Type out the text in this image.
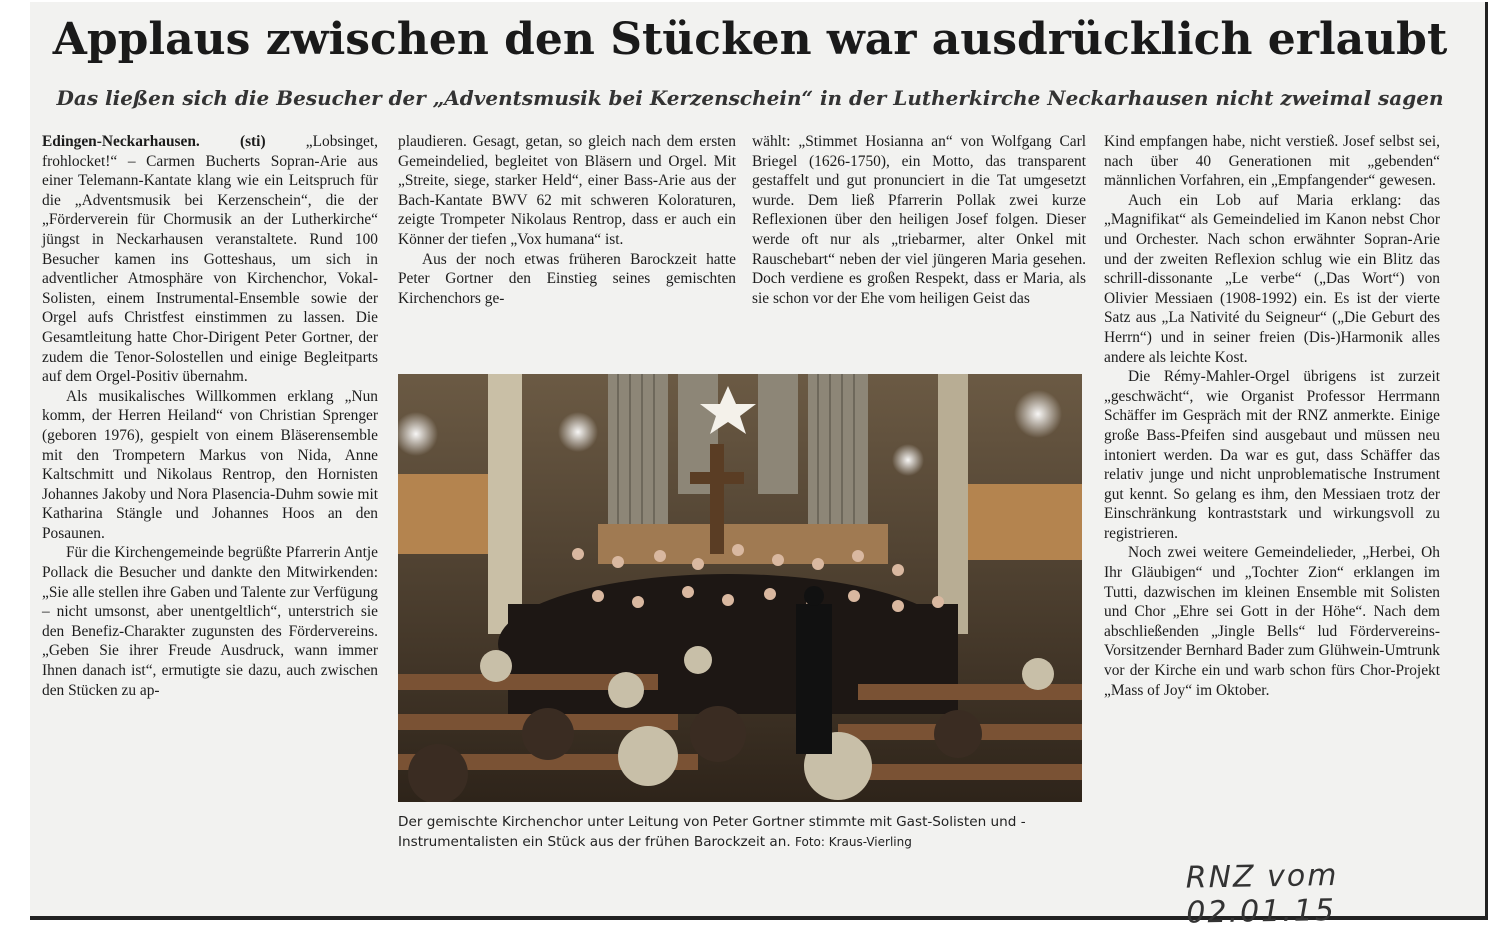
Applaus zwischen den Stücken war ausdrücklich erlaubt
Das ließen sich die Besucher der „Adventsmusik bei Kerzenschein“ in der Lutherkirche Neckarhausen nicht zweimal sagen

Edingen-Neckarhausen. (sti) „Lobsinget, frohlocket!“ – Carmen Bucherts Sopran-Arie aus einer Telemann-Kantate klang wie ein Leitspruch für die „Adventsmusik bei Kerzenschein“, die der „Förderverein für Chormusik an der Lutherkirche“ jüngst in Neckarhausen veranstaltete. Rund 100 Besucher kamen ins Gotteshaus, um sich in adventlicher Atmosphäre von Kirchenchor, Vokal-Solisten, einem Instrumental-Ensemble sowie der Orgel aufs Christfest einstimmen zu lassen. Die Gesamtleitung hatte Chor-Dirigent Peter Gortner, der zudem die Tenor-Solostellen und einige Begleitparts auf dem Orgel-Positiv übernahm.

Als musikalisches Willkommen erklang „Nun komm, der Herren Heiland“ von Christian Sprenger (geboren 1976), gespielt von einem Bläserensemble mit den Trompetern Markus von Nida, Anne Kaltschmitt und Nikolaus Rentrop, den Hornisten Johannes Jakoby und Nora Plasencia-Duhm sowie mit Katharina Stängle und Johannes Hoos an den Posaunen.

Für die Kirchengemeinde begrüßte Pfarrerin Antje Pollack die Besucher und dankte den Mitwirkenden: „Sie alle stellen ihre Gaben und Talente zur Verfügung – nicht umsonst, aber unentgeltlich“, unterstrich sie den Benefiz-Charakter zugunsten des Fördervereins. „Geben Sie ihrer Freude Ausdruck, wann immer Ihnen danach ist“, ermutigte sie dazu, auch zwischen den Stücken zu ap-

plaudieren. Gesagt, getan, so gleich nach dem ersten Gemeindelied, begleitet von Bläsern und Orgel. Mit „Streite, siege, starker Held“, einer Bass-Arie aus der Bach-Kantate BWV 62 mit schweren Koloraturen, zeigte Trompeter Nikolaus Rentrop, dass er auch ein Könner der tiefen „Vox humana“ ist.

Aus der noch etwas früheren Barockzeit hatte Peter Gortner den Einstieg seines gemischten Kirchenchors ge-

wählt: „Stimmet Hosianna an“ von Wolfgang Carl Briegel (1626-1750), ein Motto, das transparent gestaffelt und gut pronunciert in die Tat umgesetzt wurde. Dem ließ Pfarrerin Pollak zwei kurze Reflexionen über den heiligen Josef folgen. Dieser werde oft nur als „triebarmer, alter Onkel mit Rauschebart“ neben der viel jüngeren Maria gesehen. Doch verdiene es großen Respekt, dass er Maria, als sie schon vor der Ehe vom heiligen Geist das

Kind empfangen habe, nicht verstieß. Josef selbst sei, nach über 40 Generationen mit „gebenden“ männlichen Vorfahren, ein „Empfangender“ gewesen.

Auch ein Lob auf Maria erklang: das „Magnifikat“ als Gemeindelied im Kanon nebst Chor und Orchester. Nach schon erwähnter Sopran-Arie und der zweiten Reflexion schlug wie ein Blitz das schrill-dissonante „Le verbe“ („Das Wort“) von Olivier Messiaen (1908-1992) ein. Es ist der vierte Satz aus „La Nativité du Seigneur“ („Die Geburt des Herrn“) und in seiner freien (Dis-)Harmonik alles andere als leichte Kost.

Die Rémy-Mahler-Orgel übrigens ist zurzeit „geschwächt“, wie Organist Professor Herrmann Schäffer im Gespräch mit der RNZ anmerkte. Einige große Bass-Pfeifen sind ausgebaut und müssen neu intoniert werden. Da war es gut, dass Schäffer das relativ junge und nicht unproblematische Instrument gut kennt. So gelang es ihm, den Messiaen trotz der Einschränkung kontraststark und wirkungsvoll zu registrieren.

Noch zwei weitere Gemeindelieder, „Herbei, Oh Ihr Gläubigen“ und „Tochter Zion“ erklangen im Tutti, dazwischen im kleinen Ensemble mit Solisten und Chor „Ehre sei Gott in der Höhe“. Nach dem abschließenden „Jingle Bells“ lud Fördervereins-Vorsitzender Bernhard Bader zum Glühwein-Umtrunk vor der Kirche ein und warb schon fürs Chor-Projekt „Mass of Joy“ im Oktober.

Der gemischte Kirchenchor unter Leitung von Peter Gortner stimmte mit Gast-Solisten und -Instrumentalisten ein Stück aus der frühen Barockzeit an. Foto: Kraus-Vierling
RNZ vom 02.01.15
